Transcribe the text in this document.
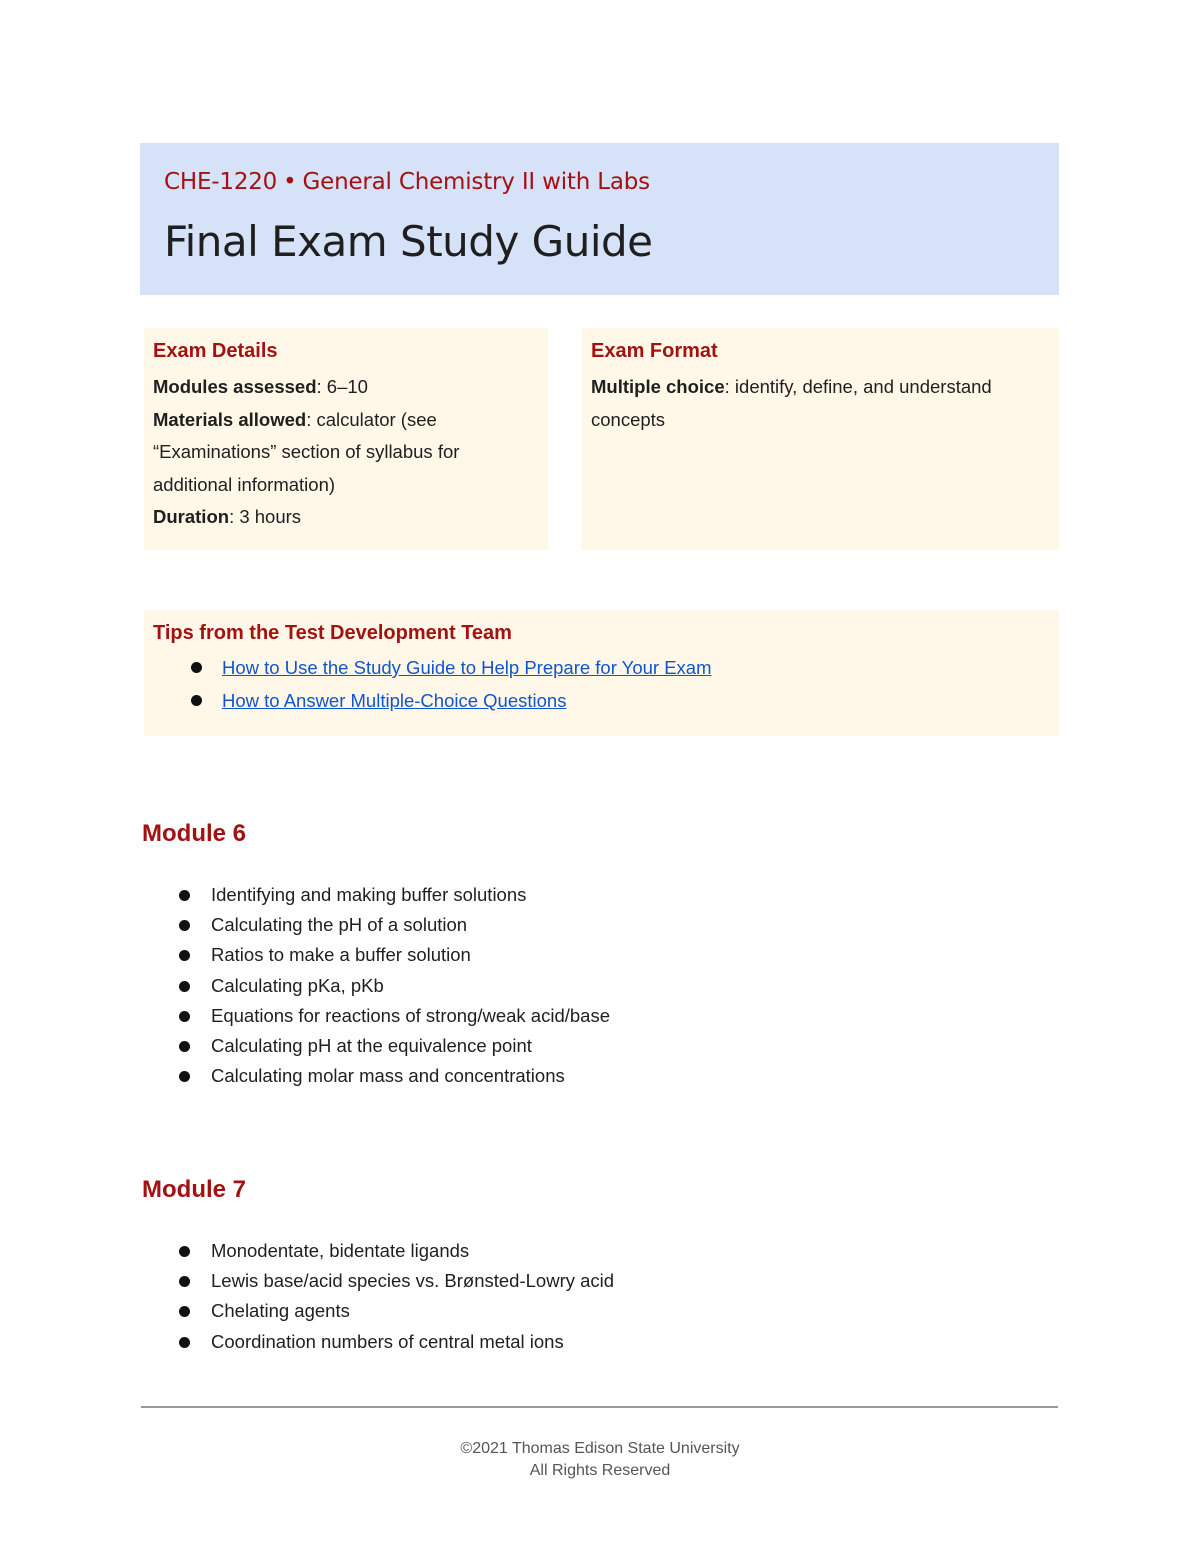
CHE-1220 • General Chemistry II with Labs
Final Exam Study Guide
Exam Details
Modules assessed: 6–10
Materials allowed: calculator (see
“Examinations” section of syllabus for
additional information)
Duration: 3 hours
Exam Format
Multiple choice: identify, define, and understand
concepts
Tips from the Test Development Team
How to Use the Study Guide to Help Prepare for Your Exam
How to Answer Multiple-Choice Questions
Module 6
Identifying and making buffer solutions
Calculating the pH of a solution
Ratios to make a buffer solution
Calculating pKa, pKb
Equations for reactions of strong/weak acid/base
Calculating pH at the equivalence point
Calculating molar mass and concentrations
Module 7
Monodentate, bidentate ligands
Lewis base/acid species vs. Brønsted-Lowry acid
Chelating agents
Coordination numbers of central metal ions
©2021 Thomas Edison State University
All Rights Reserved
